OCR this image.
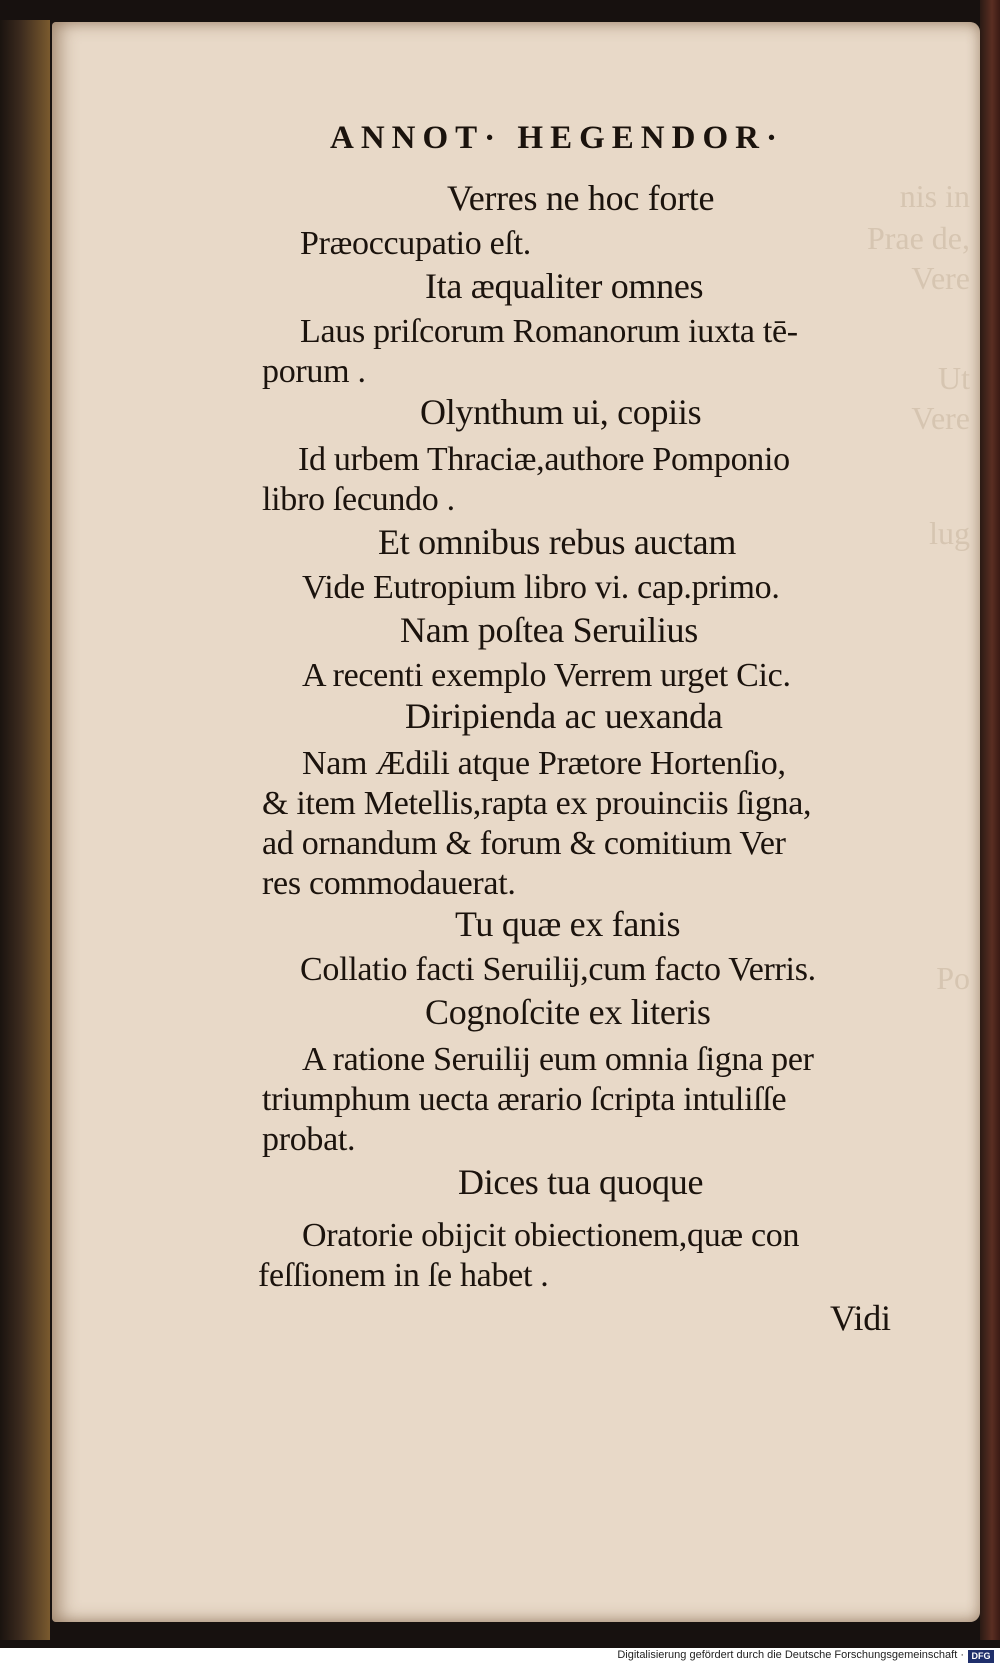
nis in
Prae de,
Vere
Ut
Vere
lug
Po
ANNOT· HEGENDOR·
Verres ne hoc forte
Præoccupatio eſt.
Ita æqualiter omnes
Laus priſcorum Romanorum iuxta tē-
porum .
Olynthum ui, copiis
Id urbem Thraciæ,authore Pomponio
libro ſecundo .
Et omnibus rebus auctam
Vide Eutropium libro vi. cap.primo.
Nam poſtea Seruilius
A recenti exemplo Verrem urget Cic.
Diripienda ac uexanda
Nam Ædili atque Prætore Hortenſio,
& item Metellis,rapta ex prouinciis ſigna,
ad ornandum & forum & comitium Ver
res commodauerat.
Tu quæ ex fanis
Collatio facti Seruilij,cum facto Verris.
Cognoſcite ex literis
A ratione Seruilij eum omnia ſigna per
triumphum uecta ærario ſcripta intuliſſe
probat.
Dices tua quoque
Oratorie obijcit obiectionem,quæ con
feſſionem in ſe habet .
Vidi
Digitalisierung gefördert durch die Deutsche Forschungsgemeinschaft · DFG
